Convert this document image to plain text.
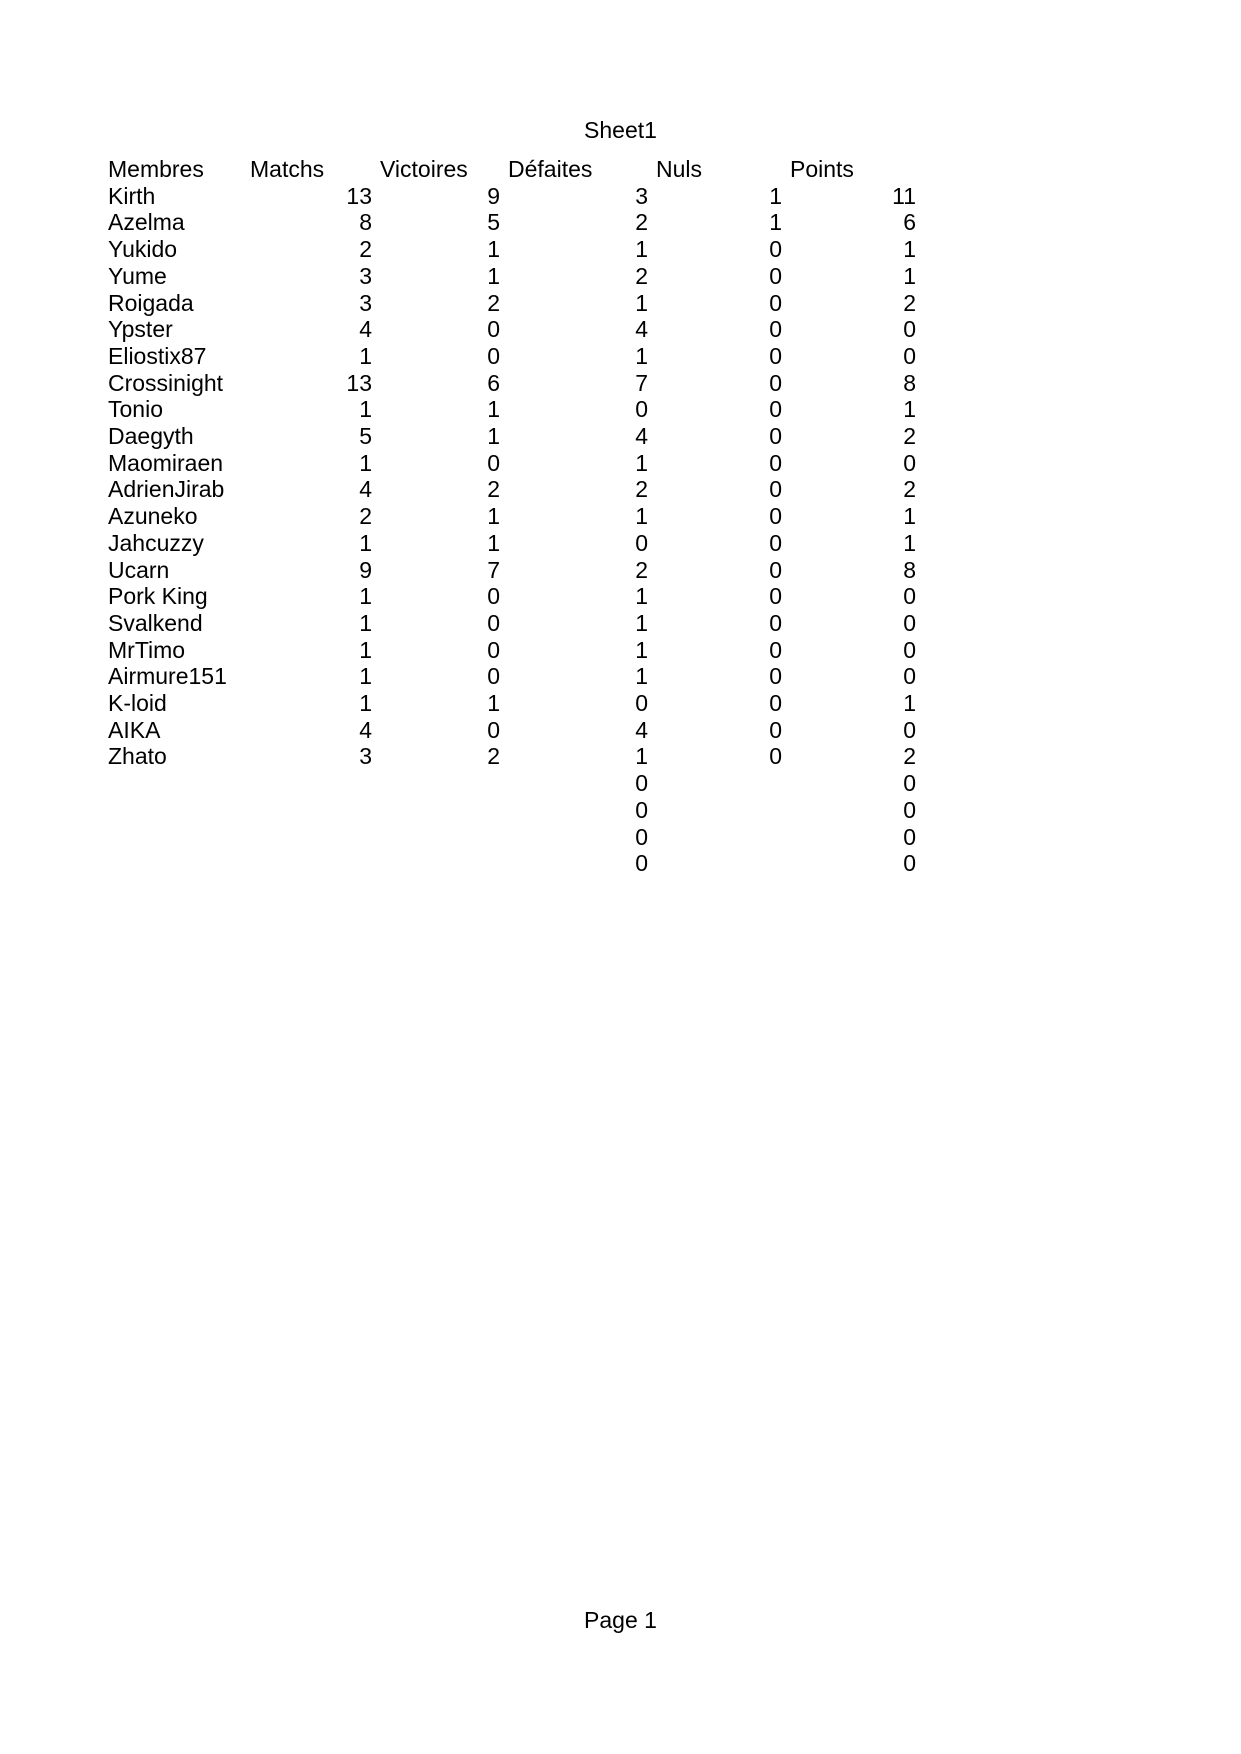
Sheet1
Membres	Matchs	Victoires	Défaites	Nuls	Points
Kirth	13	9	3	1	11
Azelma	8	5	2	1	6
Yukido	2	1	1	0	1
Yume	3	1	2	0	1
Roigada	3	2	1	0	2
Ypster	4	0	4	0	0
Eliostix87	1	0	1	0	0
Crossinight	13	6	7	0	8
Tonio	1	1	0	0	1
Daegyth	5	1	4	0	2
Maomiraen	1	0	1	0	0
AdrienJirab	4	2	2	0	2
Azuneko	2	1	1	0	1
Jahcuzzy	1	1	0	0	1
Ucarn	9	7	2	0	8
Pork King	1	0	1	0	0
Svalkend	1	0	1	0	0
MrTimo	1	0	1	0	0
Airmure151	1	0	1	0	0
K-loid	1	1	0	0	1
AIKA	4	0	4	0	0
Zhato	3	2	1	0	2
			0		0
			0		0
			0		0
			0		0
Page 1
